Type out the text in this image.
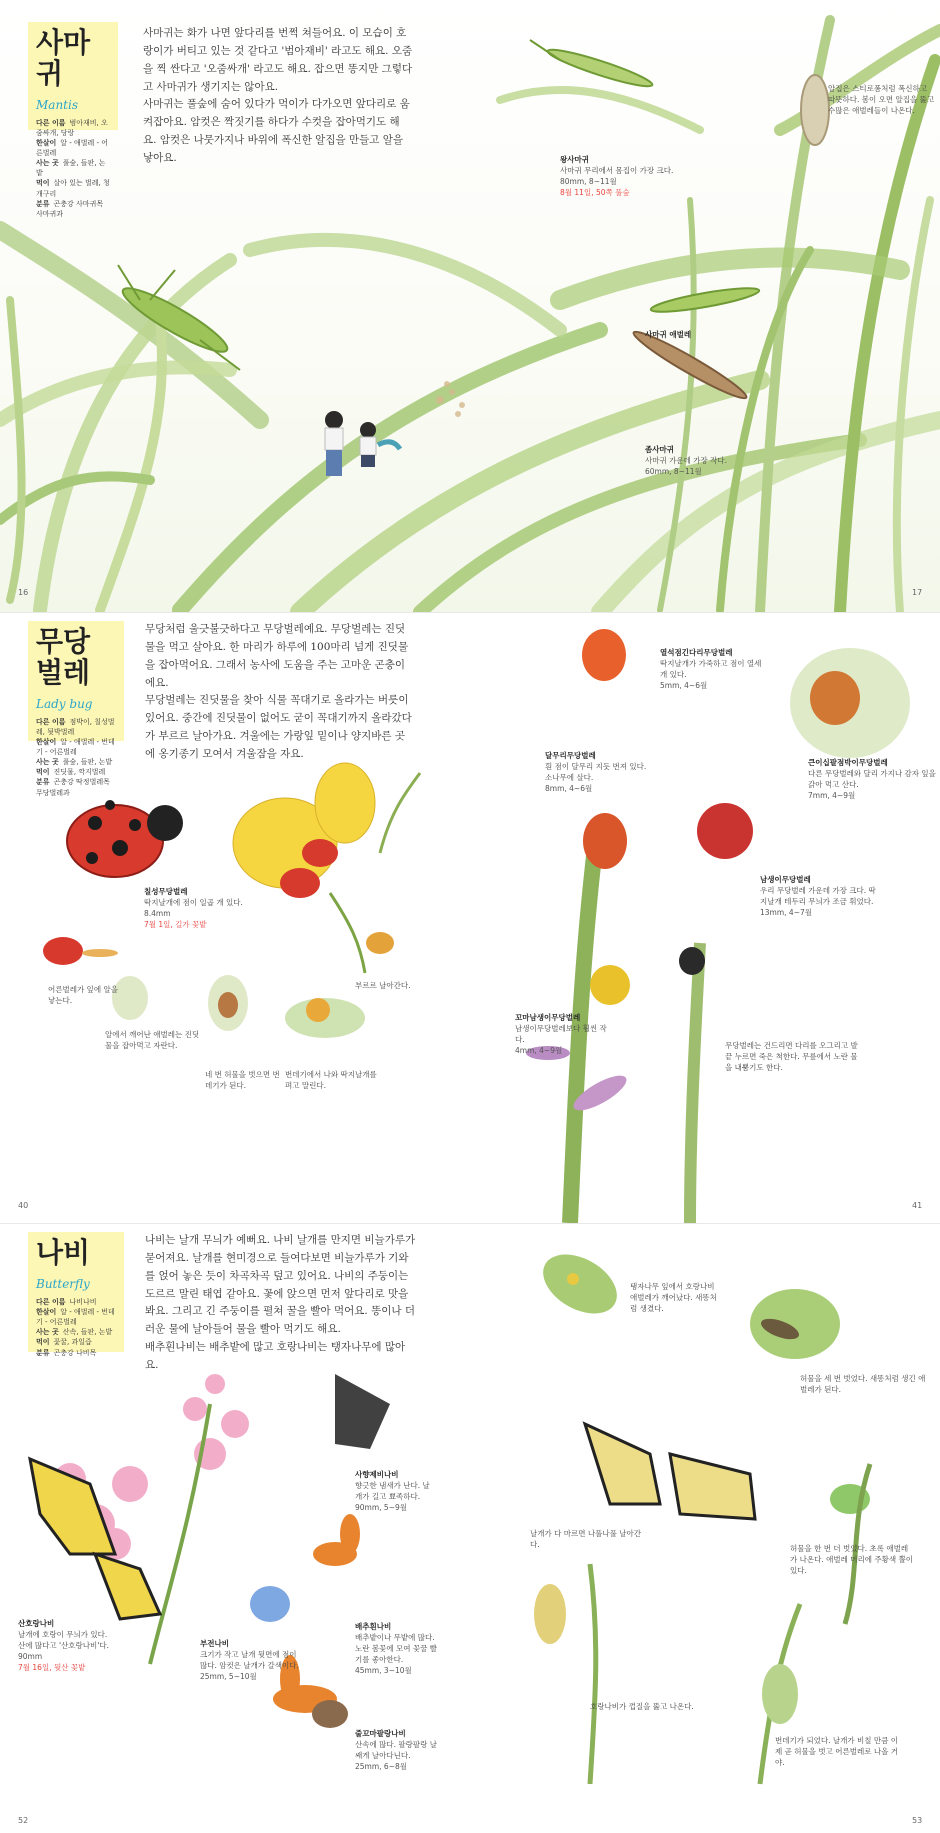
사마귀
Mantis
다른 이름 범아재비, 오줌싸개, 당랑
한살이 알 - 애벌레 - 어른벌레
사는 곳 풀숲, 들판, 논밭
먹이 살아 있는 벌레, 청개구리
분류 곤충강 사마귀목 사마귀과

사마귀는 화가 나면 앞다리를 번쩍 쳐들어요. 이 모습이 호랑이가 버티고 있는 것 같다고 '범아재비' 라고도 해요. 오줌을 찍 싼다고 '오줌싸개' 라고도 해요. 잡으면 똥지만 그렇다고 사마귀가 생기지는 않아요.

사마귀는 풀숲에 숨어 있다가 먹이가 다가오면 앞다리로 움켜잡아요. 암컷은 짝짓기를 하다가 수컷을 잡아먹기도 해요. 암컷은 나뭇가지나 바위에 폭신한 알집을 만들고 알을 낳아요.	왕사마귀
사마귀 무리에서 몸집이 가장 크다.
80mm, 8~11월
8월 11일, 50쪽 풀숲
알집은 스티로폼처럼 폭신하고 따뜻하다. 봄이 오면 알집을 뚫고 수많은 애벌레들이 나온다.
사마귀 애벌레
좀사마귀
사마귀 가운데 가장 작다.
60mm, 8~11월
16	17
무당벌레
Lady bug
다른 이름 점박이, 칠성벌레, 됫박벌레
한살이 알 - 애벌레 - 번데기 - 어른벌레
사는 곳 풀숲, 들판, 논밭
먹이 진딧물, 깍지벌레
분류 곤충강 딱정벌레목 무당벌레과

무당처럼 울긋불긋하다고 무당벌레예요. 무당벌레는 진딧물을 먹고 살아요. 한 마리가 하루에 100마리 넘게 진딧물을 잡아먹어요. 그래서 농사에 도움을 주는 고마운 곤충이에요.

무당벌레는 진딧물을 찾아 식물 꼭대기로 올라가는 버릇이 있어요. 중간에 진딧물이 없어도 굳이 꼭대기까지 올라갔다가 부르르 날아가요. 겨울에는 가랑잎 밑이나 양지바른 곳에 옹기종기 모여서 겨울잠을 자요.

칠성무당벌레
딱지날개에 점이 일곱 개 있다.
8.4mm
7월 1일, 길가 꽃밭
어른벌레가 잎에 알을 낳는다.
부르르 날아간다.
알에서 깨어난 애벌레는 진딧물을 잡아먹고 자란다.
네 번 허물을 벗으면 번데기가 된다.
번데기에서 나와 딱지날개를 펴고 말린다.
열석점긴다리무당벌레
딱지날개가 가죽하고 점이 열세 개 있다.
5mm, 4~6월
달무리무당벌레
흰 점이 달무리 지듯 번져 있다. 소나무에 살다.
8mm, 4~6월
큰이십팔점박이무당벌레
다른 무당벌레와 달리 가지나 감자 잎을 갉아 먹고 산다.
7mm, 4~9월
남생이무당벌레
우리 무당벌레 가운데 가장 크다. 딱지날개 테두리 무늬가 조금 휘었다.
13mm, 4~7월
꼬마남생이무당벌레
남생이무당벌레보다 훨씬 작다.
4mm, 4~9월
무당벌레는 건드리면 다리를 오그리고 발끝 누르면 죽은 척한다. 무릎에서 노란 물을 내뿜기도 한다.
40	41
나비
Butterfly
다른 이름 나비나비
한살이 알 - 애벌레 - 번데기 - 어른벌레
사는 곳 산속, 들판, 논밭
먹이 꽃꿀, 과일즙
분류 곤충강 나비목

나비는 날개 무늬가 예뻐요. 나비 날개를 만지면 비늘가루가 묻어져요. 날개를 현미경으로 들여다보면 비늘가루가 기와를 얹어 놓은 듯이 차곡차곡 덮고 있어요. 나비의 주둥이는 도르르 말린 태엽 같아요. 꽃에 앉으면 먼저 앞다리로 맛을 봐요. 그리고 긴 주둥이를 펼쳐 꿀을 빨아 먹어요. 똥이나 더러운 물에 날아들어 물을 빨아 먹기도 해요.

배추흰나비는 배추밭에 많고 호랑나비는 탱자나무에 많아요.

산호랑나비
날개에 호랑이 무늬가 있다. 산에 많다고 '산호랑나비'다.
90mm
7월 16일, 뒷산 꽃밭
사향제비나비
향긋한 냄새가 난다. 날개가 길고 뾰족하다.
90mm, 5~9월
부전나비
크기가 작고 날개 뒷면에 점이 많다. 암컷은 날개가 갈색이다.
25mm, 5~10월
배추흰나비
배추밭이나 무밭에 많다. 노란 봄꽃에 모여 꽃꿀 빨기를 좋아한다.
45mm, 3~10월
줄꼬마팔랑나비
산속에 많다. 팔랑팔랑 날쌔게 날아다닌다.
25mm, 6~8월
탱자나무 잎에서 호랑나비 애벌레가 깨어났다. 새똥처럼 생겼다.
허물을 세 번 벗었다. 새똥처럼 생긴 애벌레가 된다.
허물을 한 번 더 벗었다. 초록 애벌레가 나온다. 애벌레 머리에 주황색 뿔이 있다.
날개가 다 마르면 나풀나풀 날아간다.
호랑나비가 껍질을 뚫고 나온다.
번데기가 되었다. 날개가 비칠 만큼 이제 곧 허물을 벗고 어른벌레로 나올 거야.
52	53
